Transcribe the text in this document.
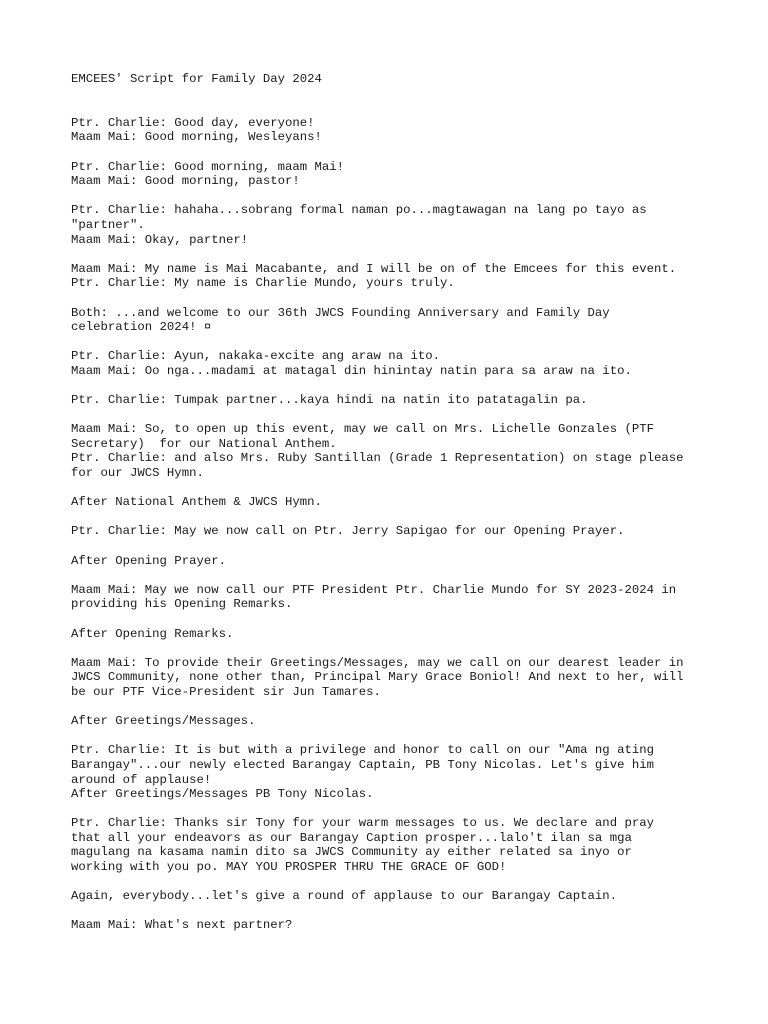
EMCEES' Script for Family Day 2024
Ptr. Charlie: Good day, everyone!
Maam Mai: Good morning, Wesleyans!
Ptr. Charlie: Good morning, maam Mai!
Maam Mai: Good morning, pastor!
Ptr. Charlie: hahaha...sobrang formal naman po...magtawagan na lang po tayo as
"partner".
Maam Mai: Okay, partner!
Maam Mai: My name is Mai Macabante, and I will be on of the Emcees for this event.
Ptr. Charlie: My name is Charlie Mundo, yours truly.
Both: ...and welcome to our 36th JWCS Founding Anniversary and Family Day
celebration 2024! ¤
Ptr. Charlie: Ayun, nakaka-excite ang araw na ito.
Maam Mai: Oo nga...madami at matagal din hinintay natin para sa araw na ito.
Ptr. Charlie: Tumpak partner...kaya hindi na natin ito patatagalin pa.
Maam Mai: So, to open up this event, may we call on Mrs. Lichelle Gonzales (PTF
Secretary)  for our National Anthem.
Ptr. Charlie: and also Mrs. Ruby Santillan (Grade 1 Representation) on stage please
for our JWCS Hymn.
After National Anthem & JWCS Hymn.
Ptr. Charlie: May we now call on Ptr. Jerry Sapigao for our Opening Prayer.
After Opening Prayer.
Maam Mai: May we now call our PTF President Ptr. Charlie Mundo for SY 2023-2024 in
providing his Opening Remarks.
After Opening Remarks.
Maam Mai: To provide their Greetings/Messages, may we call on our dearest leader in
JWCS Community, none other than, Principal Mary Grace Boniol! And next to her, will
be our PTF Vice-President sir Jun Tamares.
After Greetings/Messages.
Ptr. Charlie: It is but with a privilege and honor to call on our "Ama ng ating
Barangay"...our newly elected Barangay Captain, PB Tony Nicolas. Let's give him
around of applause!
After Greetings/Messages PB Tony Nicolas.
Ptr. Charlie: Thanks sir Tony for your warm messages to us. We declare and pray
that all your endeavors as our Barangay Caption prosper...lalo't ilan sa mga
magulang na kasama namin dito sa JWCS Community ay either related sa inyo or
working with you po. MAY YOU PROSPER THRU THE GRACE OF GOD!
Again, everybody...let's give a round of applause to our Barangay Captain.
Maam Mai: What's next partner?
